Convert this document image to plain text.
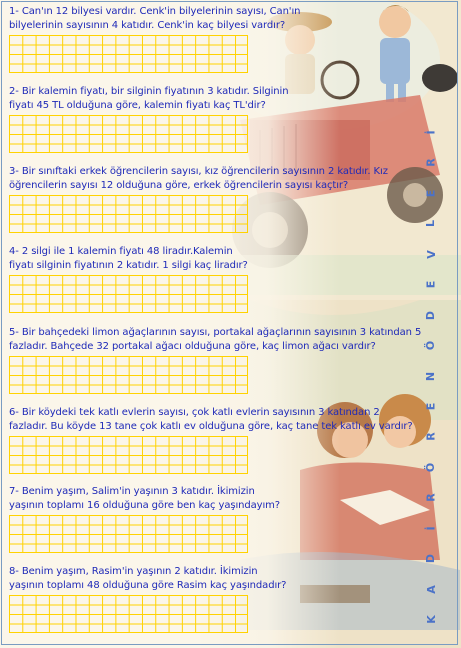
1- Can'ın 12 bilyesi vardır. Cenk'in bilyelerinin sayısı, Can'ın
bilyelerinin sayısının 4 katıdır. Cenk'in kaç bilyesi vardır?
2- Bir kalemin fiyatı, bir silginin fiyatının 3 katıdır. Silginin
fiyatı 45 TL olduğuna göre, kalemin fiyatı kaç TL'dir?
3- Bir sınıftaki erkek öğrencilerin sayısı, kız öğrencilerin sayısının 2 katıdır. Kız
öğrencilerin sayısı 12 olduğuna göre, erkek öğrencilerin sayısı kaçtır?
4- 2 silgi ile 1 kalemin fiyatı 48 liradır.Kalemin
fiyatı silginin fiyatının 2 katıdır. 1 silgi kaç liradır?
5- Bir bahçedeki limon ağaçlarının sayısı, portakal ağaçlarının sayısının 3 katından 5
fazladır. Bahçede 32 portakal ağacı olduğuna göre, kaç limon ağacı vardır?
6- Bir köydeki tek katlı evlerin sayısı, çok katlı evlerin sayısının 3 katından 2
fazladır. Bu köyde 13 tane çok katlı ev olduğuna göre, kaç tane tek katlı ev vardır?
7- Benim yaşım, Salim'in yaşının 3 katıdır. İkimizin
yaşının toplamı 16 olduğuna göre ben kaç yaşındayım?
8- Benim yaşım, Rasim'in yaşının 2 katıdır. İkimizin
yaşının toplamı 48 olduğuna göre Rasim kaç yaşındadır?
İ
R
E
L
V
E
D
Ö
N
E
R
Ö
R
İ
D
A
K
